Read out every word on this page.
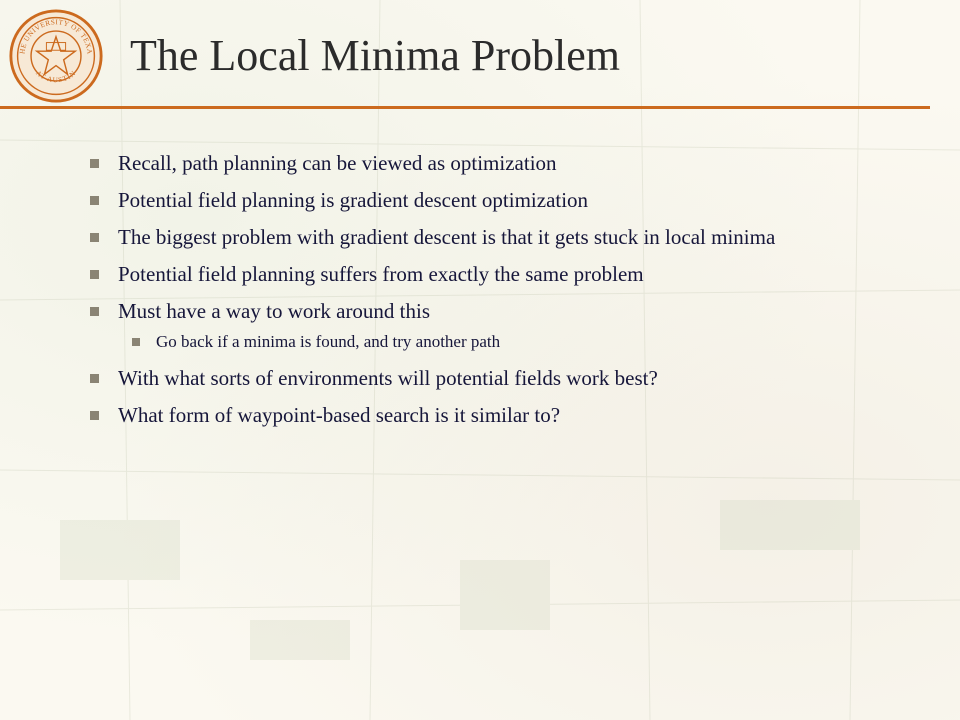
HE UNIVERSITY OF TEXA
AT AUSTIN The Local Minima Problem
Recall, path planning can be viewed as optimization
Potential field planning is gradient descent optimization
The biggest problem with gradient descent is that it gets stuck in local minima
Potential field planning suffers from exactly the same problem
Must have a way to work around this
Go back if a minima is found, and try another path
With what sorts of environments will potential fields work best?
What form of waypoint-based search is it similar to?
